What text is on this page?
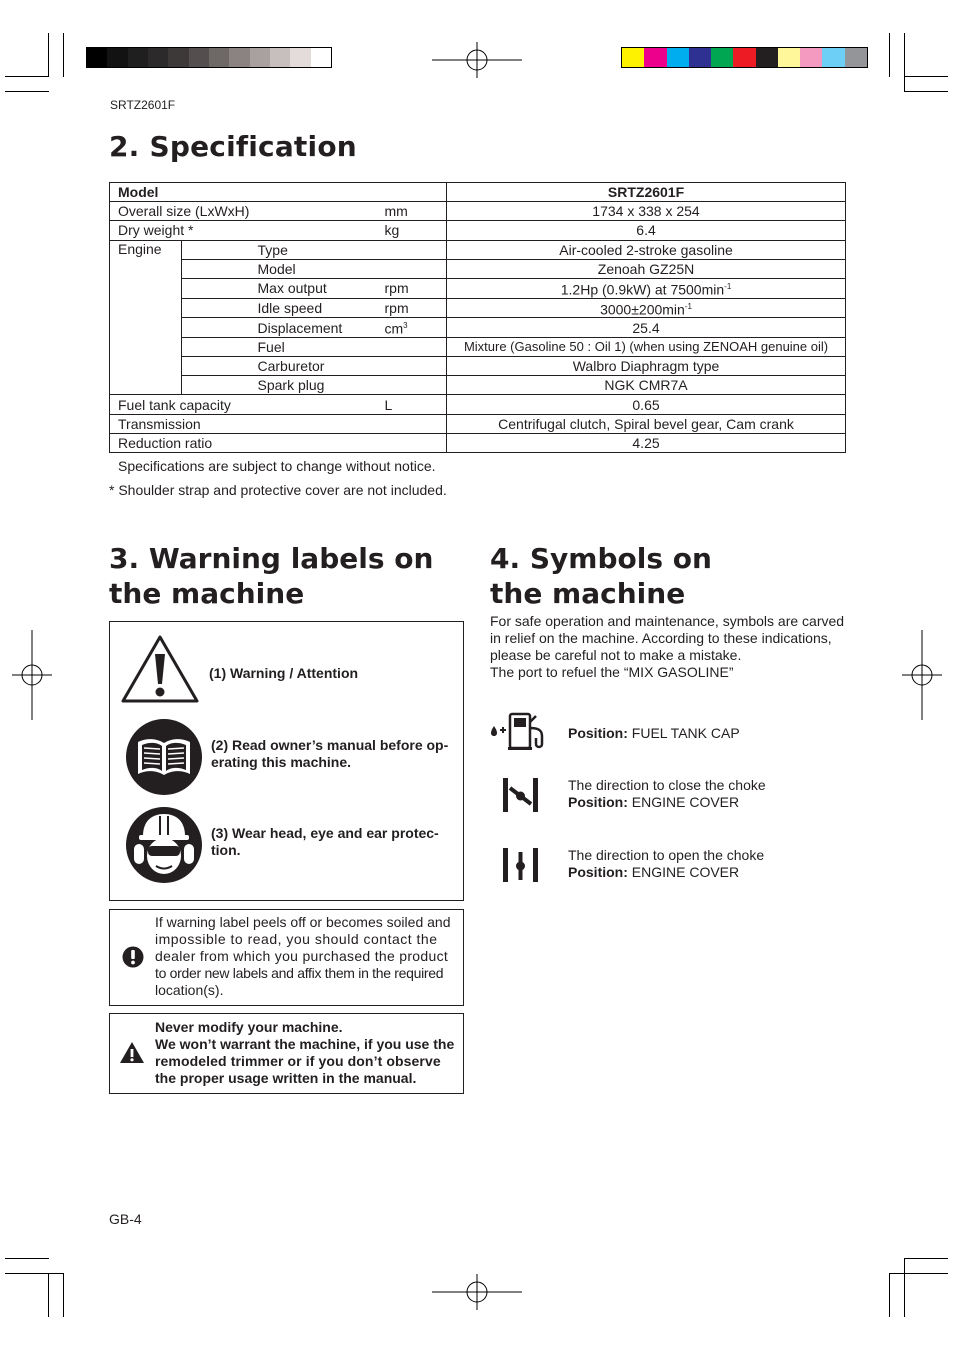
SRTZ2601F
2. Specification
Model				SRTZ2601F
Overall size (LxWxH)			mm	1734 x 338 x 254
Dry weight *			kg	6.4
Engine		Type		Air-cooled 2-stroke gasoline
		Model		Zenoah GZ25N
		Max output	rpm	1.2Hp (0.9kW) at $7500\min^{-1}$
		Idle speed	rpm	$3000\pm 200\min^{-1}$
		Displacement	$cm^3$	25.4
		Fuel		Mixture (Gasoline 50 : Oil 1) (when using ZENOAH genuine oil)
		Carburetor		Walbro Diaphragm type
		Spark plug		NGK CMR7A
Fuel tank capacity			L	0.65
Transmission				Centrifugal clutch, Spiral bevel gear, Cam crank
Reduction ratio				4.25
Specifications are subject to change without notice.
* Shoulder strap and protective cover are not included.
3. Warning labels on
the machine
(1) Warning / Attention
(2) Read owner’s manual before op-
erating this machine.
(3) Wear head, eye and ear protec-
tion.
If warning label peels off or becomes soiled and
impossible to read, you should contact the
dealer from which you purchased the product
to order new labels and affix them in the required
location(s).
Never modify your machine.
We won’t warrant the machine, if you use the
remodeled trimmer or if you don’t observe
the proper usage written in the manual.
4. Symbols on
the machine
For safe operation and maintenance, symbols are carved
in relief on the machine. According to these indications,
please be careful not to make a mistake.
The port to refuel the “MIX GASOLINE”
Position: FUEL TANK CAP
The direction to close the choke
Position: ENGINE COVER
The direction to open the choke
Position: ENGINE COVER
GB-4
